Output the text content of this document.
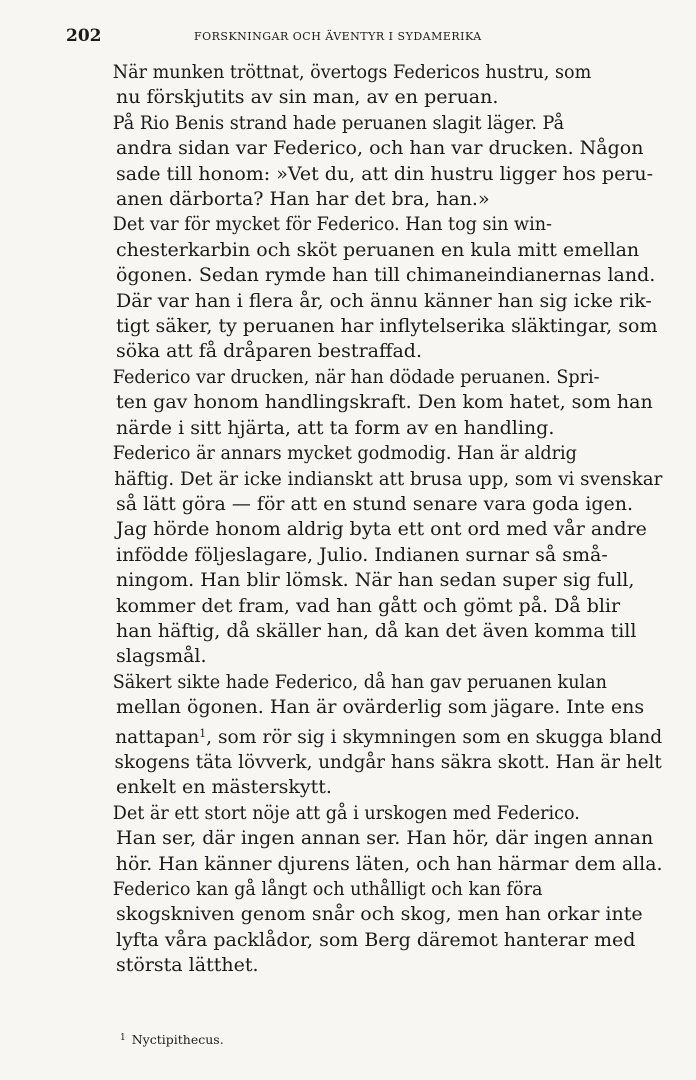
202	FORSKNINGAR OCH ÄVENTYR I SYDAMERIKA

När munken tröttnat, övertogs Federicos hustru, som
nu förskjutits av sin man, av en peruan.

På Rio Benis strand hade peruanen slagit läger. På
andra sidan var Federico, och han var drucken. Någon
sade till honom: »Vet du, att din hustru ligger hos peru-
anen därborta? Han har det bra, han.»

Det var för mycket för Federico. Han tog sin win-
chesterkarbin och sköt peruanen en kula mitt emellan
ögonen. Sedan rymde han till chimaneindianernas land.
Där var han i flera år, och ännu känner han sig icke rik-
tigt säker, ty peruanen har inflytelserika släktingar, som
söka att få dråparen bestraffad.

Federico var drucken, när han dödade peruanen. Spri-
ten gav honom handlingskraft. Den kom hatet, som han
närde i sitt hjärta, att ta form av en handling.

Federico är annars mycket godmodig. Han är aldrig
häftig. Det är icke indianskt att brusa upp, som vi svenskar
så lätt göra — för att en stund senare vara goda igen.
Jag hörde honom aldrig byta ett ont ord med vår andre
infödde följeslagare, Julio. Indianen surnar så små-
ningom. Han blir lömsk. När han sedan super sig full,
kommer det fram, vad han gått och gömt på. Då blir
han häftig, då skäller han, då kan det även komma till
slagsmål.

Säkert sikte hade Federico, då han gav peruanen kulan
mellan ögonen. Han är ovärderlig som jägare. Inte ens
nattapan$^1$, som rör sig i skymningen som en skugga bland
skogens täta lövverk, undgår hans säkra skott. Han är helt
enkelt en mästerskytt.

Det är ett stort nöje att gå i urskogen med Federico.
Han ser, där ingen annan ser. Han hör, där ingen annan
hör. Han känner djurens läten, och han härmar dem alla.

Federico kan gå långt och uthålligt och kan föra
skogskniven genom snår och skog, men han orkar inte
lyfta våra packlådor, som Berg däremot hanterar med
största lätthet.

$^1$ Nyctipithecus.
